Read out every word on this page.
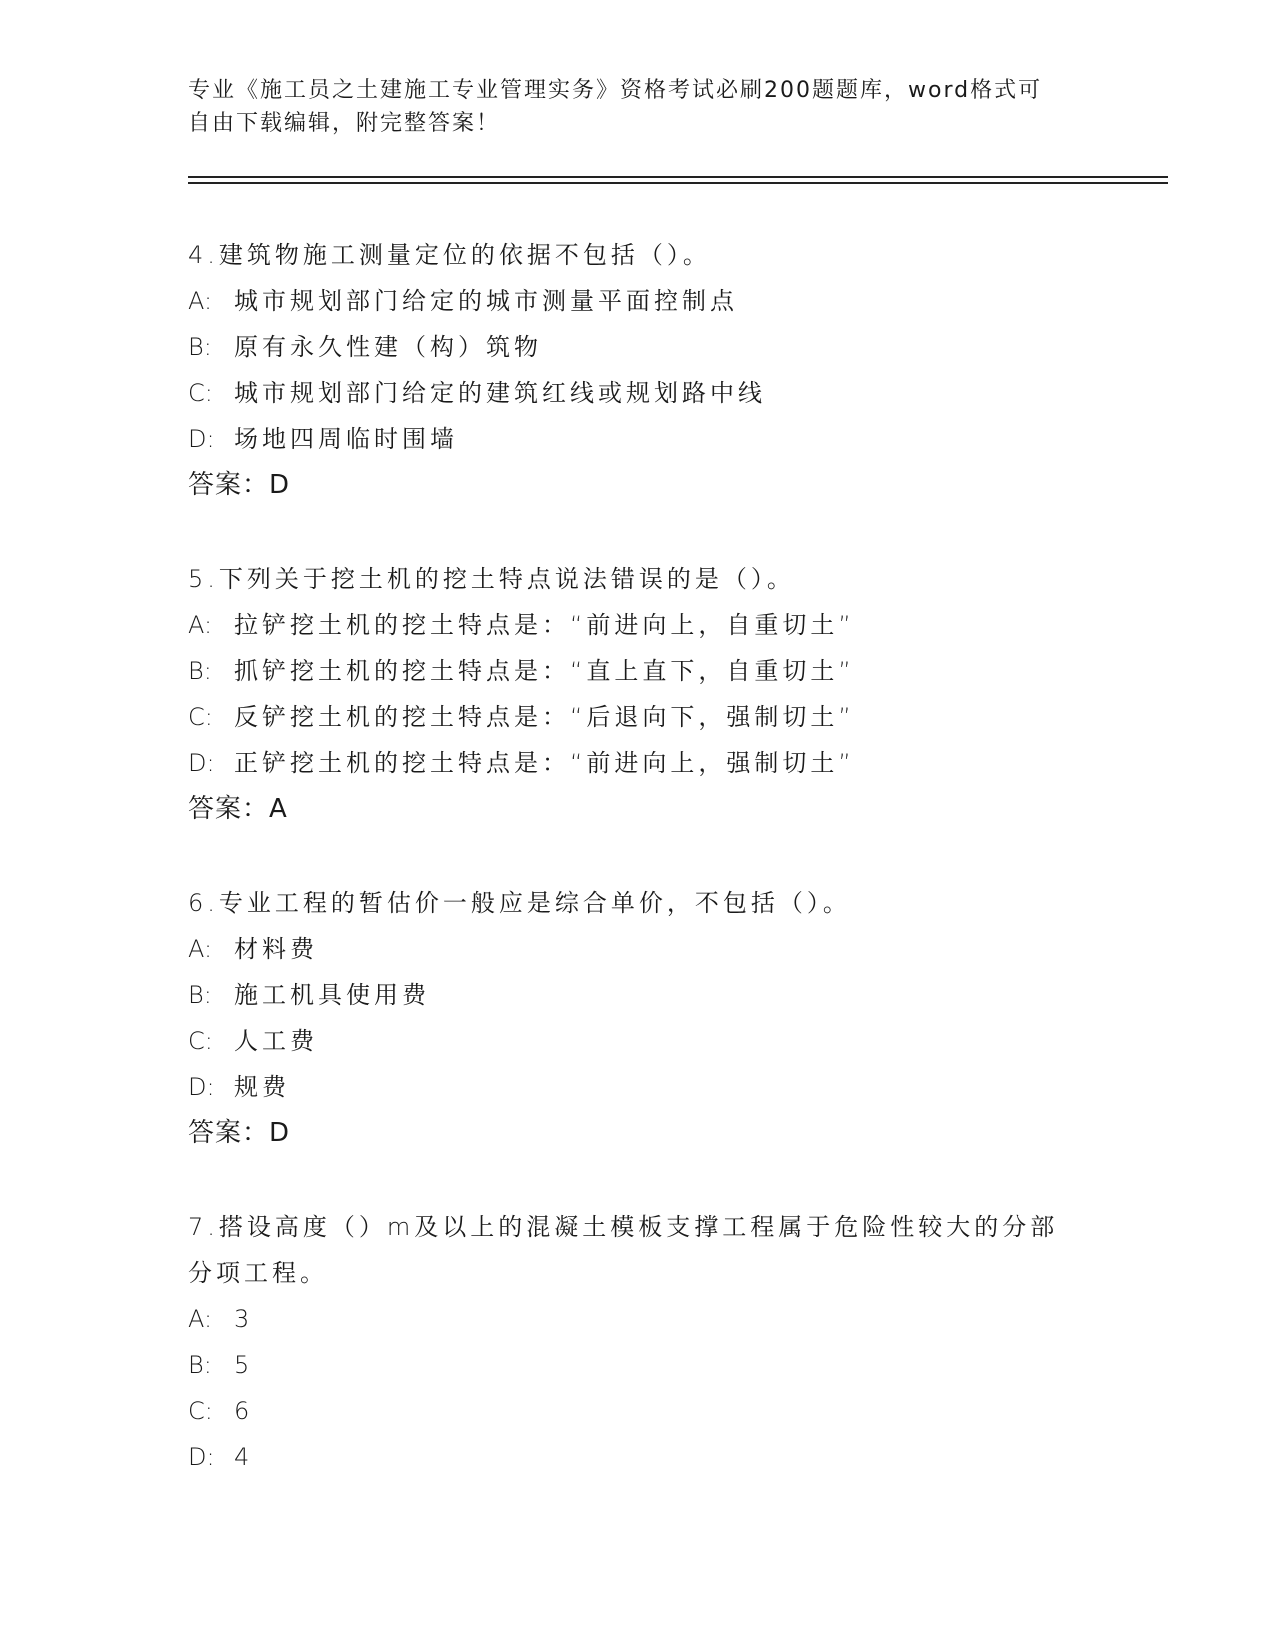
专业《施工员之土建施工专业管理实务》资格考试必刷200题题库，word格式可
自由下载编辑，附完整答案！
4.建筑物施工测量定位的依据不包括（）。
A: 城市规划部门给定的城市测量平面控制点
B: 原有永久性建（构）筑物
C: 城市规划部门给定的建筑红线或规划路中线
D: 场地四周临时围墙
答案：D
5.下列关于挖土机的挖土特点说法错误的是（）。
A: 拉铲挖土机的挖土特点是：“前进向上，自重切土”
B: 抓铲挖土机的挖土特点是：“直上直下，自重切土”
C: 反铲挖土机的挖土特点是：“后退向下，强制切土”
D: 正铲挖土机的挖土特点是：“前进向上，强制切土”
答案：A
6.专业工程的暂估价一般应是综合单价，不包括（）。
A: 材料费
B: 施工机具使用费
C: 人工费
D: 规费
答案：D
7.搭设高度（）m及以上的混凝土模板支撑工程属于危险性较大的分部
分项工程。
A: 3
B: 5
C: 6
D: 4
